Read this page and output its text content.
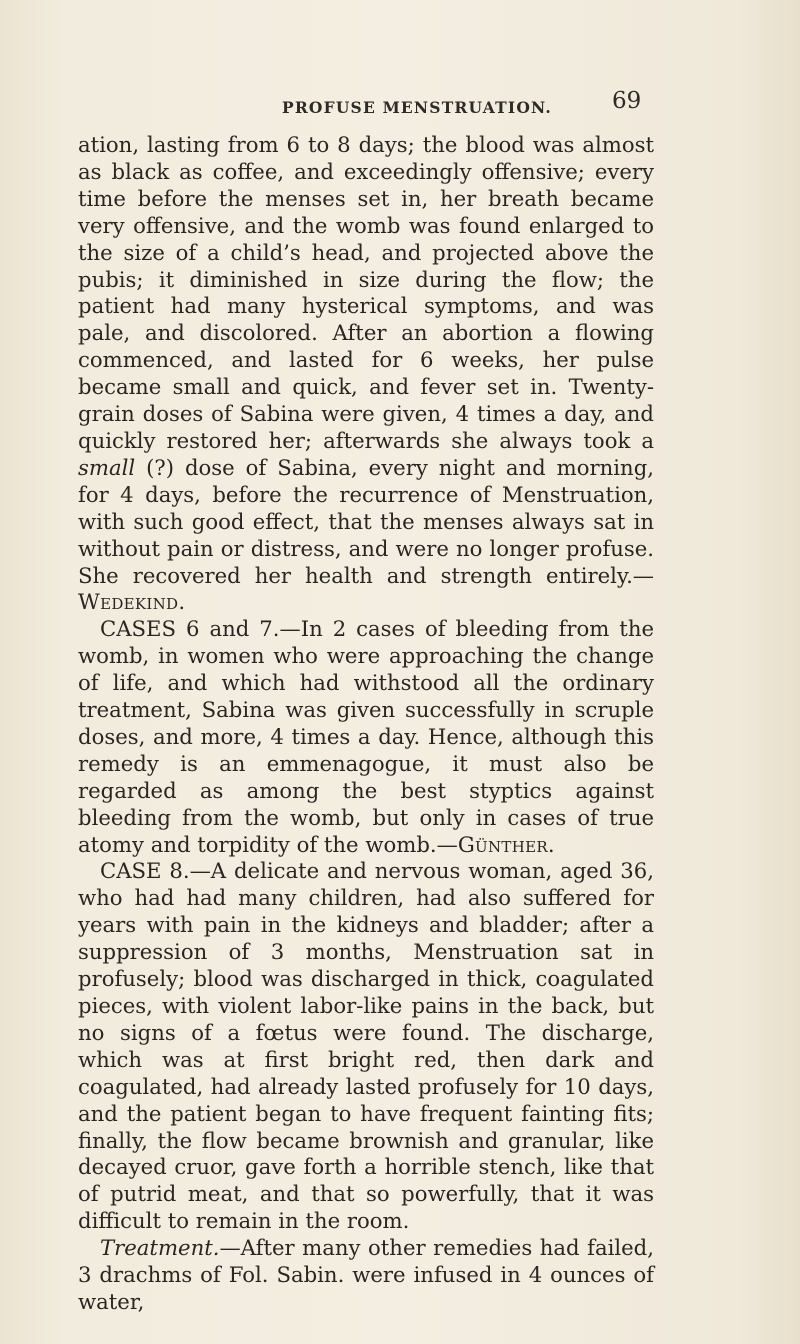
PROFUSE MENSTRUATION.	69

ation, lasting from 6 to 8 days; the blood was almost as black as coffee, and exceedingly offensive; every time before the menses set in, her breath became very offensive, and the womb was found enlarged to the size of a child’s head, and projected above the pubis; it diminished in size during the flow; the patient had many hysterical symptoms, and was pale, and discolored. After an abortion a flowing commenced, and lasted for 6 weeks, her pulse became small and quick, and fever set in. Twenty-grain doses of Sabina were given, 4 times a day, and quickly restored her; afterwards she always took a small (?) dose of Sabina, every night and morning, for 4 days, before the recurrence of Menstruation, with such good effect, that the menses always sat in without pain or distress, and were no longer profuse. She recovered her health and strength entirely.—Wedekind.

CASES 6 and 7.—In 2 cases of bleeding from the womb, in women who were approaching the change of life, and which had withstood all the ordinary treatment, Sabina was given successfully in scruple doses, and more, 4 times a day. Hence, although this remedy is an emmenagogue, it must also be regarded as among the best styptics against bleeding from the womb, but only in cases of true atomy and torpidity of the womb.—Günther.

CASE 8.—A delicate and nervous woman, aged 36, who had had many children, had also suffered for years with pain in the kidneys and bladder; after a suppression of 3 months, Menstruation sat in profusely; blood was discharged in thick, coagulated pieces, with violent labor-like pains in the back, but no signs of a fœtus were found. The discharge, which was at first bright red, then dark and coagulated, had already lasted profusely for 10 days, and the patient began to have frequent fainting fits; finally, the flow became brownish and granular, like decayed cruor, gave forth a horrible stench, like that of putrid meat, and that so powerfully, that it was difficult to remain in the room.

Treatment.—After many other remedies had failed, 3 drachms of Fol. Sabin. were infused in 4 ounces of water,
